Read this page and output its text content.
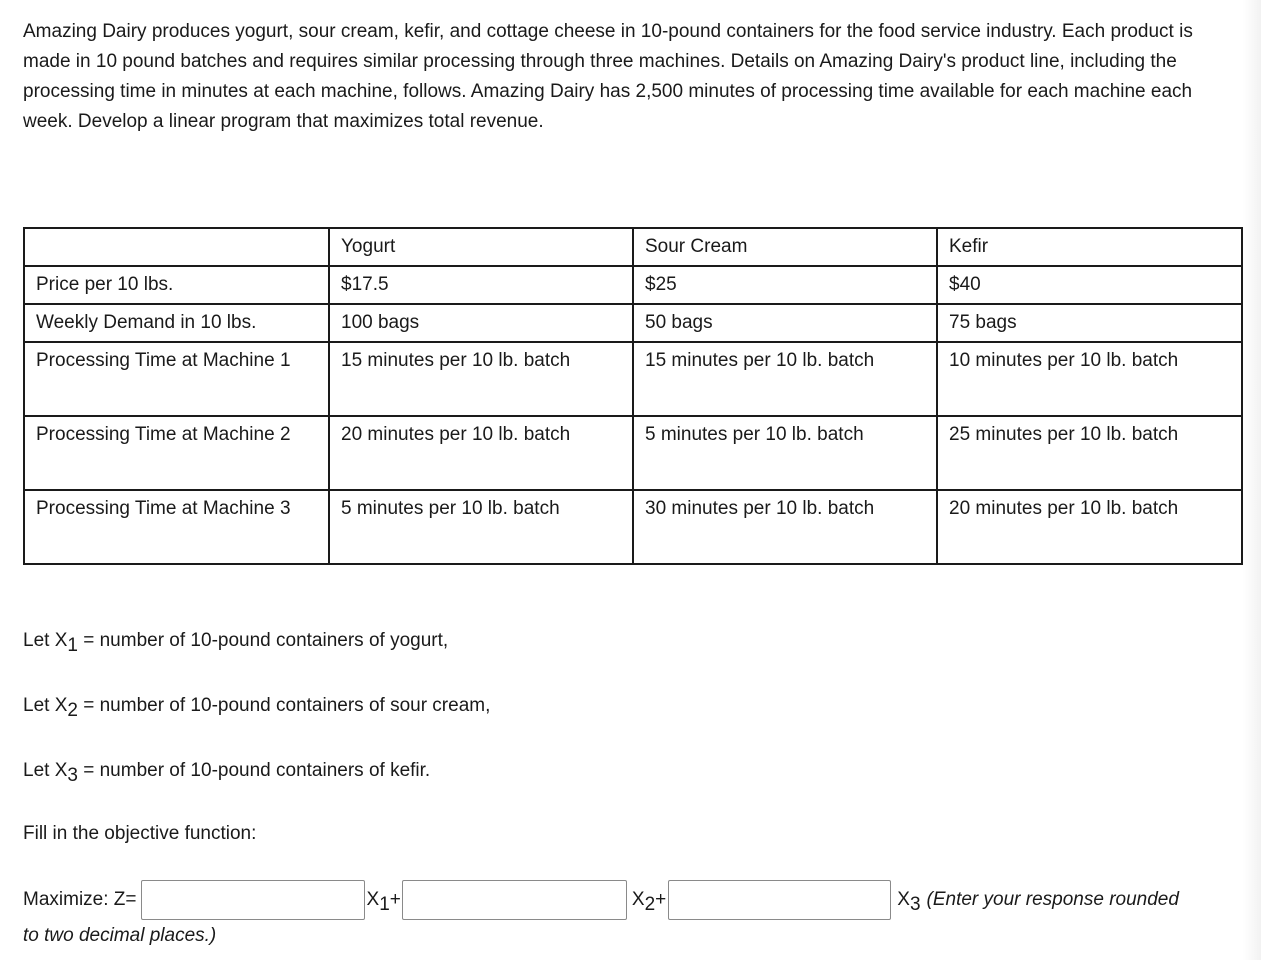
Amazing Dairy produces yogurt, sour cream, kefir, and cottage cheese in 10-pound containers for the food service industry. Each product is made in 10 pound batches and requires similar processing through three machines. Details on Amazing Dairy's product line, including the processing time in minutes at each machine, follows. Amazing Dairy has 2,500 minutes of processing time available for each machine each week. Develop a linear program that maximizes total revenue.

	Yogurt	Sour Cream	Kefir
Price per 10 lbs.	$17.5	$25	$40
Weekly Demand in 10 lbs.	100 bags	50 bags	75 bags
Processing Time at Machine 1	15 minutes per 10 lb. batch	15 minutes per 10 lb. batch	10 minutes per 10 lb. batch
Processing Time at Machine 2	20 minutes per 10 lb. batch	5 minutes per 10 lb. batch	25 minutes per 10 lb. batch
Processing Time at Machine 3	5 minutes per 10 lb. batch	30 minutes per 10 lb. batch	20 minutes per 10 lb. batch

Let $X_1$ = number of 10-pound containers of yogurt,

Let $X_2$ = number of 10-pound containers of sour cream,

Let $X_3$ = number of 10-pound containers of kefir.

Fill in the objective function:

Maximize: Z=	$X_1+$	$X_2+$	$X_3$ (Enter your response rounded
to two decimal places.)
